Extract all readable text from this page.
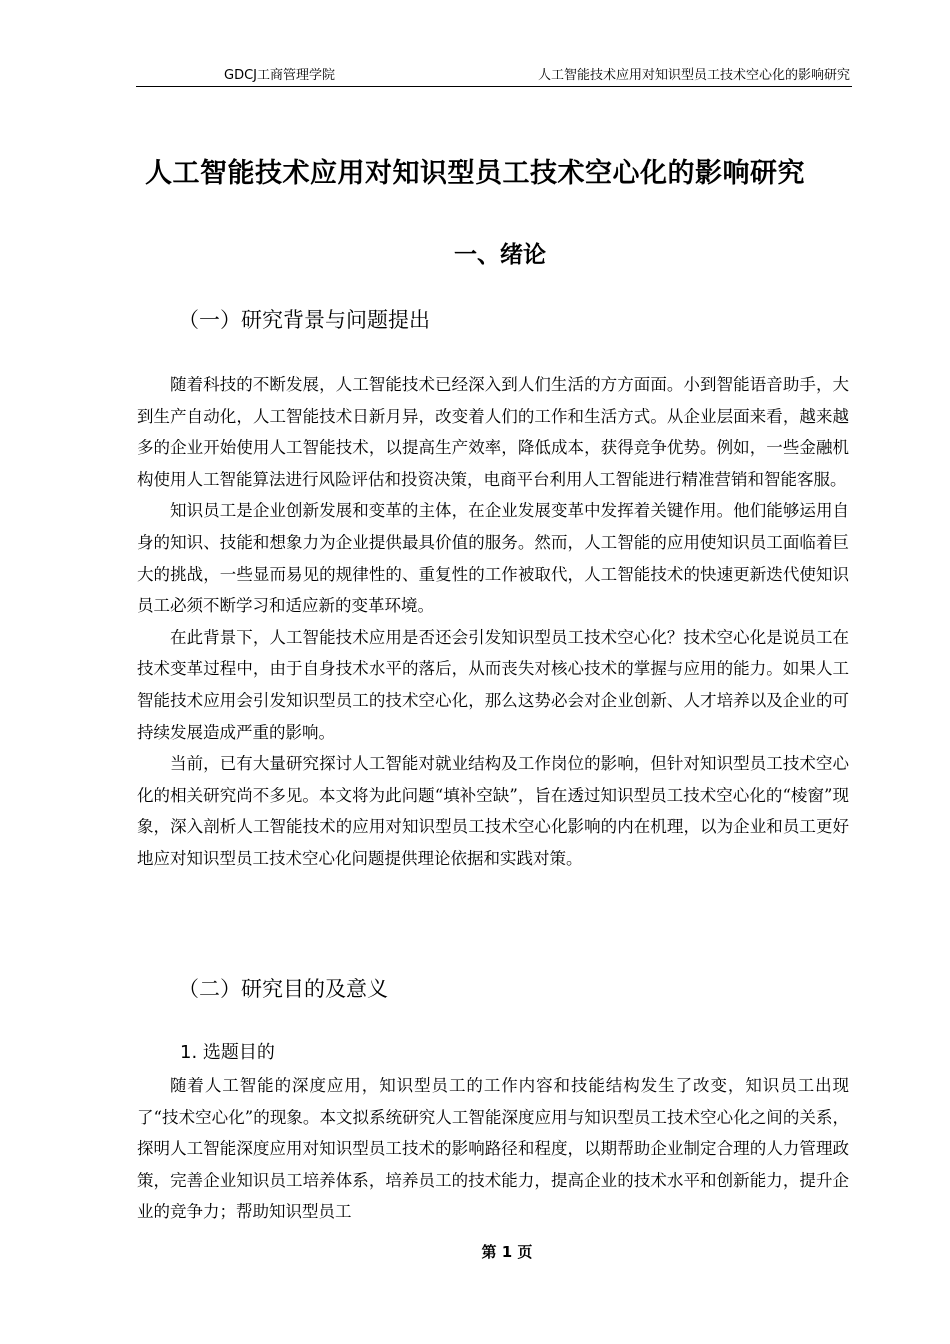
GDCJ工商管理学院	人工智能技术应用对知识型员工技术空心化的影响研究
人工智能技术应用对知识型员工技术空心化的影响研究
一、绪论
（一）研究背景与问题提出

随着科技的不断发展，人工智能技术已经深入到人们生活的方方面面。小到智能语音助手，大到生产自动化，人工智能技术日新月异，改变着人们的工作和生活方式。从企业层面来看，越来越多的企业开始使用人工智能技术，以提高生产效率，降低成本，获得竞争优势。例如，一些金融机构使用人工智能算法进行风险评估和投资决策，电商平台利用人工智能进行精准营销和智能客服。

知识员工是企业创新发展和变革的主体，在企业发展变革中发挥着关键作用。他们能够运用自身的知识、技能和想象力为企业提供最具价值的服务。然而，人工智能的应用使知识员工面临着巨大的挑战，一些显而易见的规律性的、重复性的工作被取代，人工智能技术的快速更新迭代使知识员工必须不断学习和适应新的变革环境。

在此背景下，人工智能技术应用是否还会引发知识型员工技术空心化？技术空心化是说员工在技术变革过程中，由于自身技术水平的落后，从而丧失对核心技术的掌握与应用的能力。如果人工智能技术应用会引发知识型员工的技术空心化，那么这势必会对企业创新、人才培养以及企业的可持续发展造成严重的影响。

当前，已有大量研究探讨人工智能对就业结构及工作岗位的影响，但针对知识型员工技术空心化的相关研究尚不多见。本文将为此问题“填补空缺”，旨在透过知识型员工技术空心化的“棱窗”现象，深入剖析人工智能技术的应用对知识型员工技术空心化影响的内在机理，以为企业和员工更好地应对知识型员工技术空心化问题提供理论依据和实践对策。

（二）研究目的及意义
1. 选题目的

随着人工智能的深度应用，知识型员工的工作内容和技能结构发生了改变，知识员工出现了“技术空心化”的现象。本文拟系统研究人工智能深度应用与知识型员工技术空心化之间的关系，探明人工智能深度应用对知识型员工技术的影响路径和程度，以期帮助企业制定合理的人力管理政策，完善企业知识员工培养体系，培养员工的技术能力，提高企业的技术水平和创新能力，提升企业的竞争力；帮助知识型员工

第 1 页
